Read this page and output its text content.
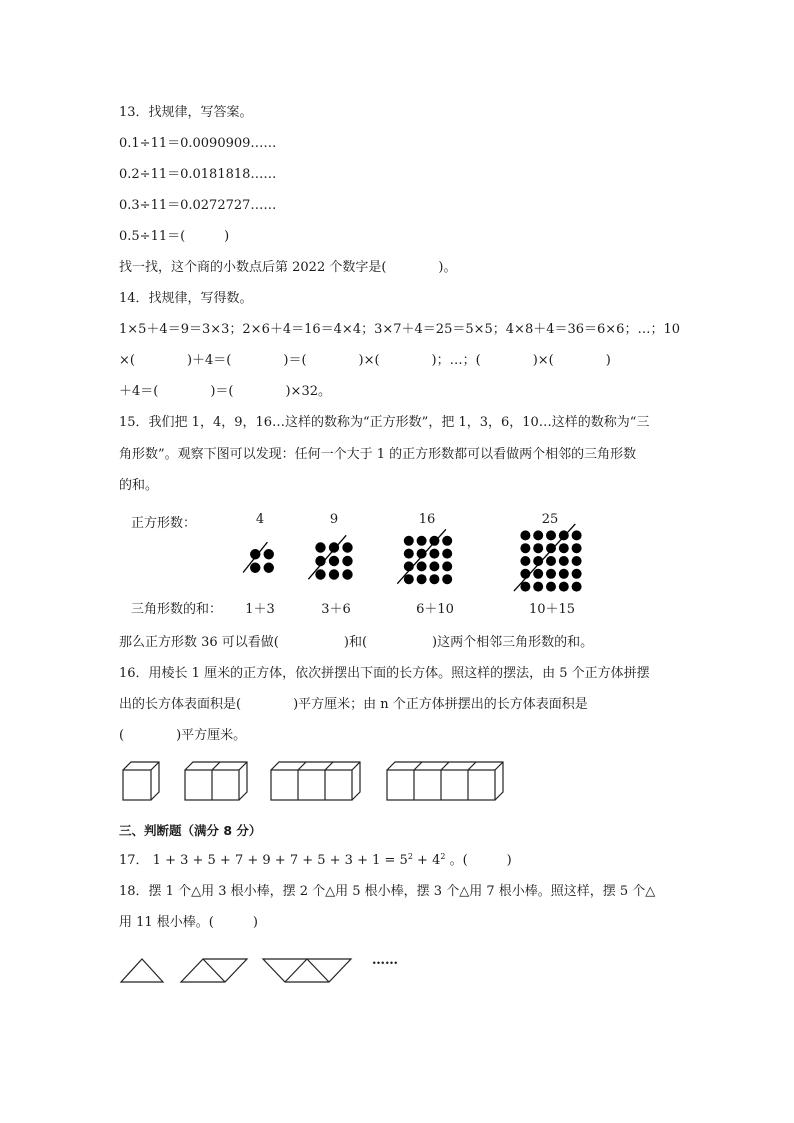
13．找规律，写答案。
0.1÷11＝0.0090909……
0.2÷11＝0.0181818……
0.3÷11＝0.0272727……
0.5÷11＝(　　　)
找一找，这个商的小数点后第 2022 个数字是(　　　　)。
14．找规律，写得数。
1×5＋4＝9＝3×3；2×6＋4＝16＝4×4；3×7＋4＝25＝5×5；4×8＋4＝36＝6×6；…；10
×(　　　　)＋4＝(　　　　)＝(　　　　)×(　　　　)；…；(　　　　)×(　　　　)
＋4＝(　　　　)＝(　　　　)×32。
15．我们把 1，4，9，16…这样的数称为“正方形数”，把 1，3，6，10…这样的数称为“三
角形数”。观察下图可以发现：任何一个大于 1 的正方形数都可以看做两个相邻的三角形数
的和。
正方形数：	4	9	16	25
三角形数的和：	1＋3	3＋6	6＋10	10＋15
那么正方形数 36 可以看做(　　　　　)和(　　　　　)这两个相邻三角形数的和。
16．用棱长 1 厘米的正方体，依次拼摆出下面的长方体。照这样的摆法，由 5 个正方体拼摆
出的长方体表面积是(　　　　)平方厘米；由 n 个正方体拼摆出的长方体表面积是
(　　　　)平方厘米。
三、判断题（满分 8 分）
17． $1 + 3 + 5 + 7 + 9 + 7 + 5 + 3 + 1 = 5^2 + 4^2$ 。(　　　)
18．摆 1 个△用 3 根小棒，摆 2 个△用 5 根小棒，摆 3 个△用 7 根小棒。照这样，摆 5 个△
用 11 根小棒。(　　　)
……
